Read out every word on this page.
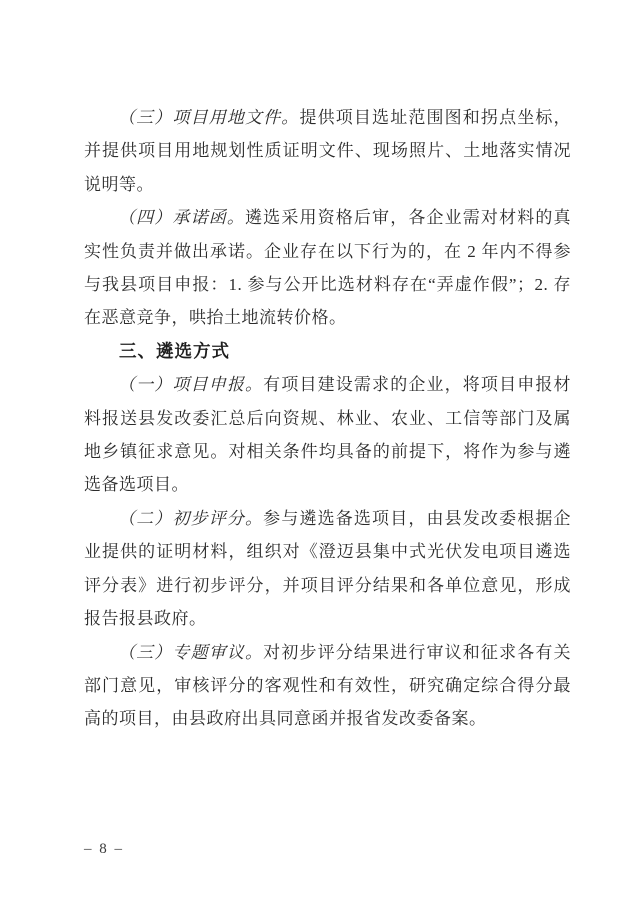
（三）项目用地文件。提供项目选址范围图和拐点坐标，并提供项目用地规划性质证明文件、现场照片、土地落实情况说明等。

（四）承诺函。遴选采用资格后审，各企业需对材料的真实性负责并做出承诺。企业存在以下行为的，在 2 年内不得参与我县项目申报：1. 参与公开比选材料存在“弄虚作假”；2. 存在恶意竞争，哄抬土地流转价格。

三、遴选方式

（一）项目申报。有项目建设需求的企业，将项目申报材料报送县发改委汇总后向资规、林业、农业、工信等部门及属地乡镇征求意见。对相关条件均具备的前提下，将作为参与遴选备选项目。

（二）初步评分。参与遴选备选项目，由县发改委根据企业提供的证明材料，组织对《澄迈县集中式光伏发电项目遴选评分表》进行初步评分，并项目评分结果和各单位意见，形成报告报县政府。

（三）专题审议。对初步评分结果进行审议和征求各有关部门意见，审核评分的客观性和有效性，研究确定综合得分最高的项目，由县政府出具同意函并报省发改委备案。

– 8 –
